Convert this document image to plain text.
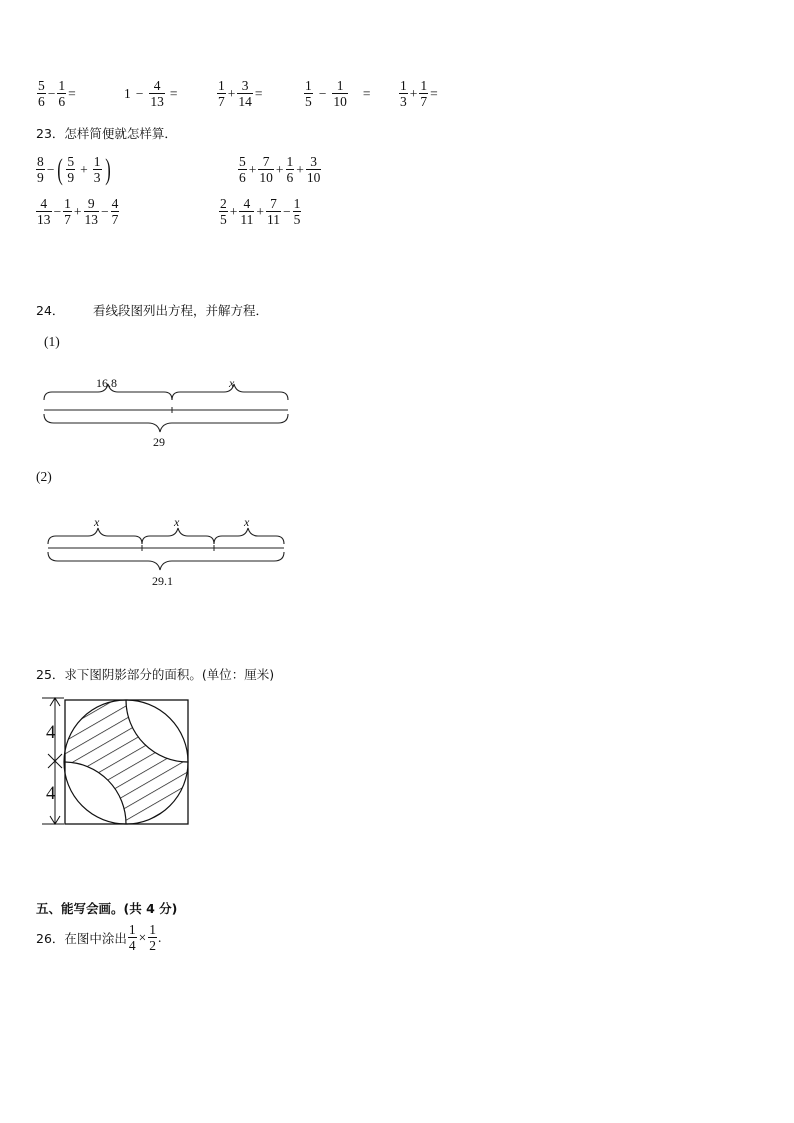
$\frac{5}{6} - \frac{1}{6}$ =	$1 - \frac{4}{13}$ =	$\frac{1}{7} + \frac{3}{14}$ =	$\frac{1}{5} - \frac{1}{10} = \frac{1}{3} + \frac{1}{7}$ =
23．怎样简便就怎样算．
$\frac{8}{9}$ − ( $\frac{5}{9} + \frac{1}{3}$ )	$\frac{5}{6} + \frac{7}{10} + \frac{1}{6} + \frac{3}{10}$
$\frac{4}{13} - \frac{1}{7} + \frac{9}{13} - \frac{4}{7}$	$\frac{2}{5} + \frac{4}{11} + \frac{7}{11} - \frac{1}{5}$
24． 看线段图列出方程，并解方程．
(1)
16.8	x
29
(2)
x	x	x
29.1
25．求下图阴影部分的面积。(单位：厘米)
4
4
五、能写会画。(共 4 分)
26．在图中涂出 $\frac{1}{4} \times \frac{1}{2}$ .
